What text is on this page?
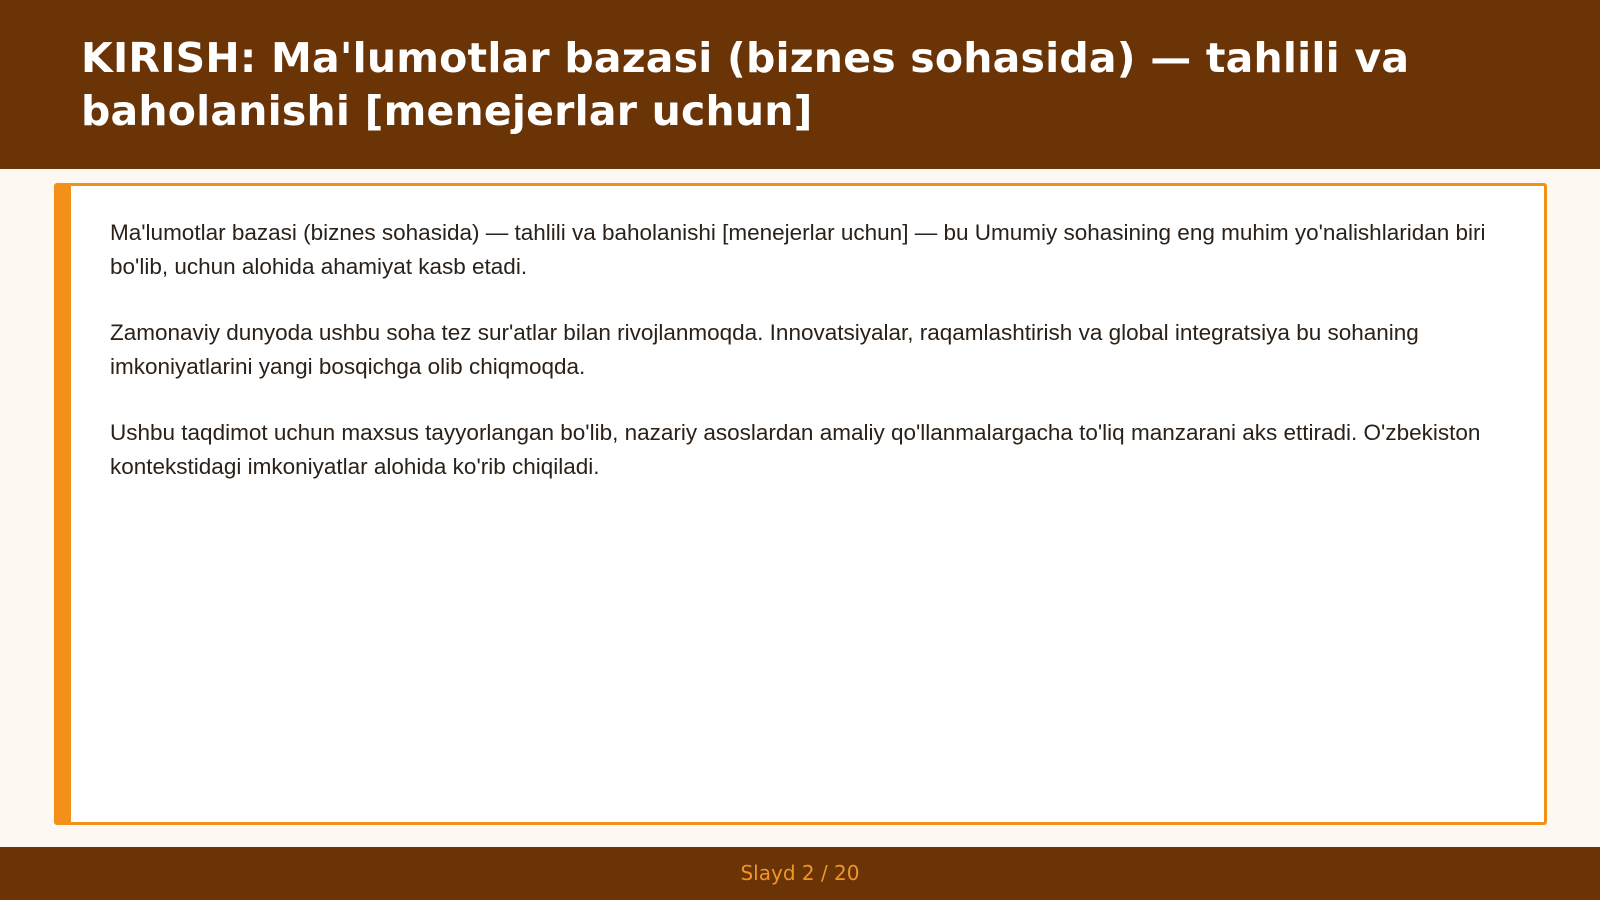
KIRISH: Ma'lumotlar bazasi (biznes sohasida) — tahlili va baholanishi [menejerlar uchun]

Ma'lumotlar bazasi (biznes sohasida) — tahlili va baholanishi [menejerlar uchun] — bu Umumiy sohasining eng muhim yo'nalishlaridan biri bo'lib, uchun alohida ahamiyat kasb etadi.

Zamonaviy dunyoda ushbu soha tez sur'atlar bilan rivojlanmoqda. Innovatsiyalar, raqamlashtirish va global integratsiya bu sohaning imkoniyatlarini yangi bosqichga olib chiqmoqda.

Ushbu taqdimot uchun maxsus tayyorlangan bo'lib, nazariy asoslardan amaliy qo'llanmalargacha to'liq manzarani aks ettiradi. O'zbekiston kontekstidagi imkoniyatlar alohida ko'rib chiqiladi.

Slayd 2 / 20
